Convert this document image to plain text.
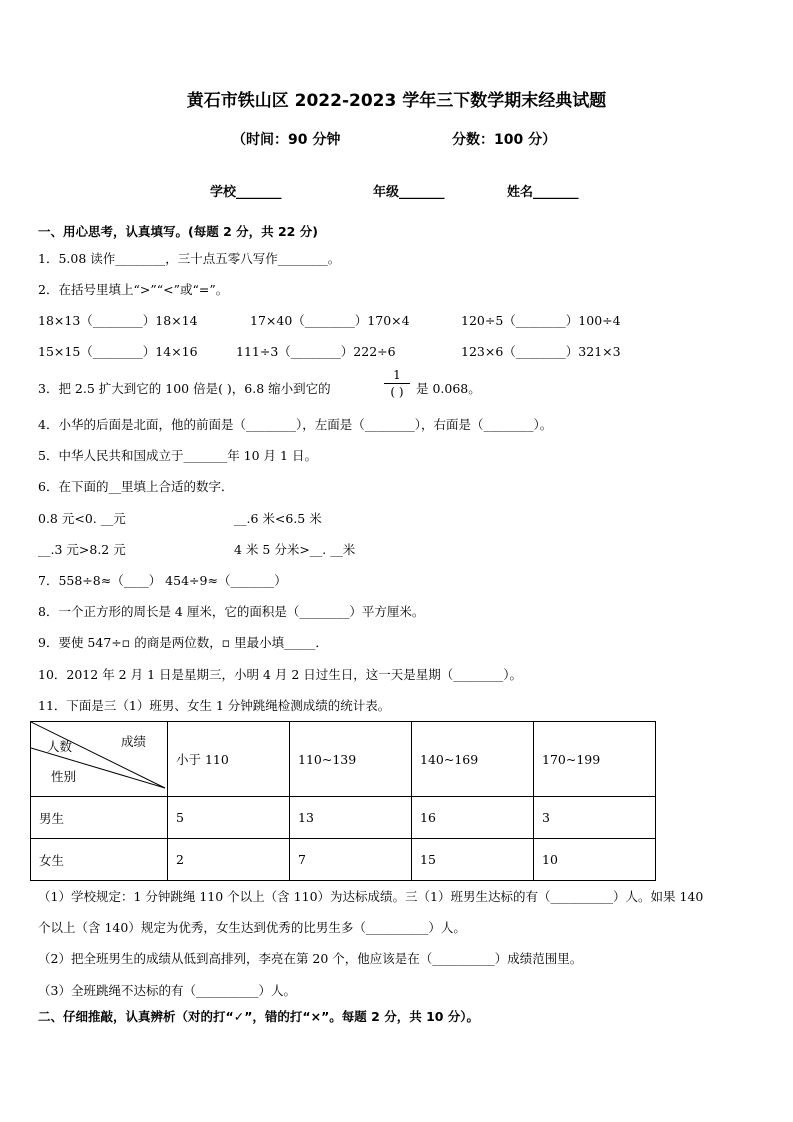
黄石市铁山区 2022-2023 学年三下数学期末经典试题
（时间：90 分钟	分数：100 分）
学校_______	年级_______	姓名_______
一、用心思考，认真填写。(每题 2 分，共 22 分)
1．5.08 读作________，三十点五零八写作________。
2．在括号里填上“>”“<”或“=”。
18×13（________）18×14	17×40（________）170×4	120÷5（________）100÷4
15×15（________）14×16	111÷3（________）222÷6	123×6（________）321×3
3．把 2.5 扩大到它的 100 倍是( )，6.8 缩小到它的
1
( ) 是 0.068。
4．小华的后面是北面，他的前面是（________），左面是（________），右面是（________）。
5．中华人民共和国成立于_______年 10 月 1 日。
6．在下面的__里填上合适的数字．
0.8 元<0. __元	__.6 米<6.5 米
__.3 元>8.2 元	4 米 5 分米>__. __米
7．558÷8≈（____） 454÷9≈（_______）
8．一个正方形的周长是 4 厘米，它的面积是（________）平方厘米。
9．要使 547÷▫ 的商是两位数，▫ 里最小填_____．
10．2012 年 2 月 1 日是星期三，小明 4 月 2 日过生日，这一天是星期（________）。
11．下面是三（1）班男、女生 1 分钟跳绳检测成绩的统计表。
成绩
人数
性别	小于 110	110~139	140~169	170~199
男生	5	13	16	3
女生	2	7	15	10
（1）学校规定：1 分钟跳绳 110 个以上（含 110）为达标成绩。三（1）班男生达标的有（__________）人。如果 140
个以上（含 140）规定为优秀，女生达到优秀的比男生多（__________）人。
（2）把全班男生的成绩从低到高排列，李亮在第 20 个，他应该是在（__________）成绩范围里。
（3）全班跳绳不达标的有（__________）人。
二、仔细推敲，认真辨析（对的打“✓”，错的打“×”。每题 2 分，共 10 分）。
